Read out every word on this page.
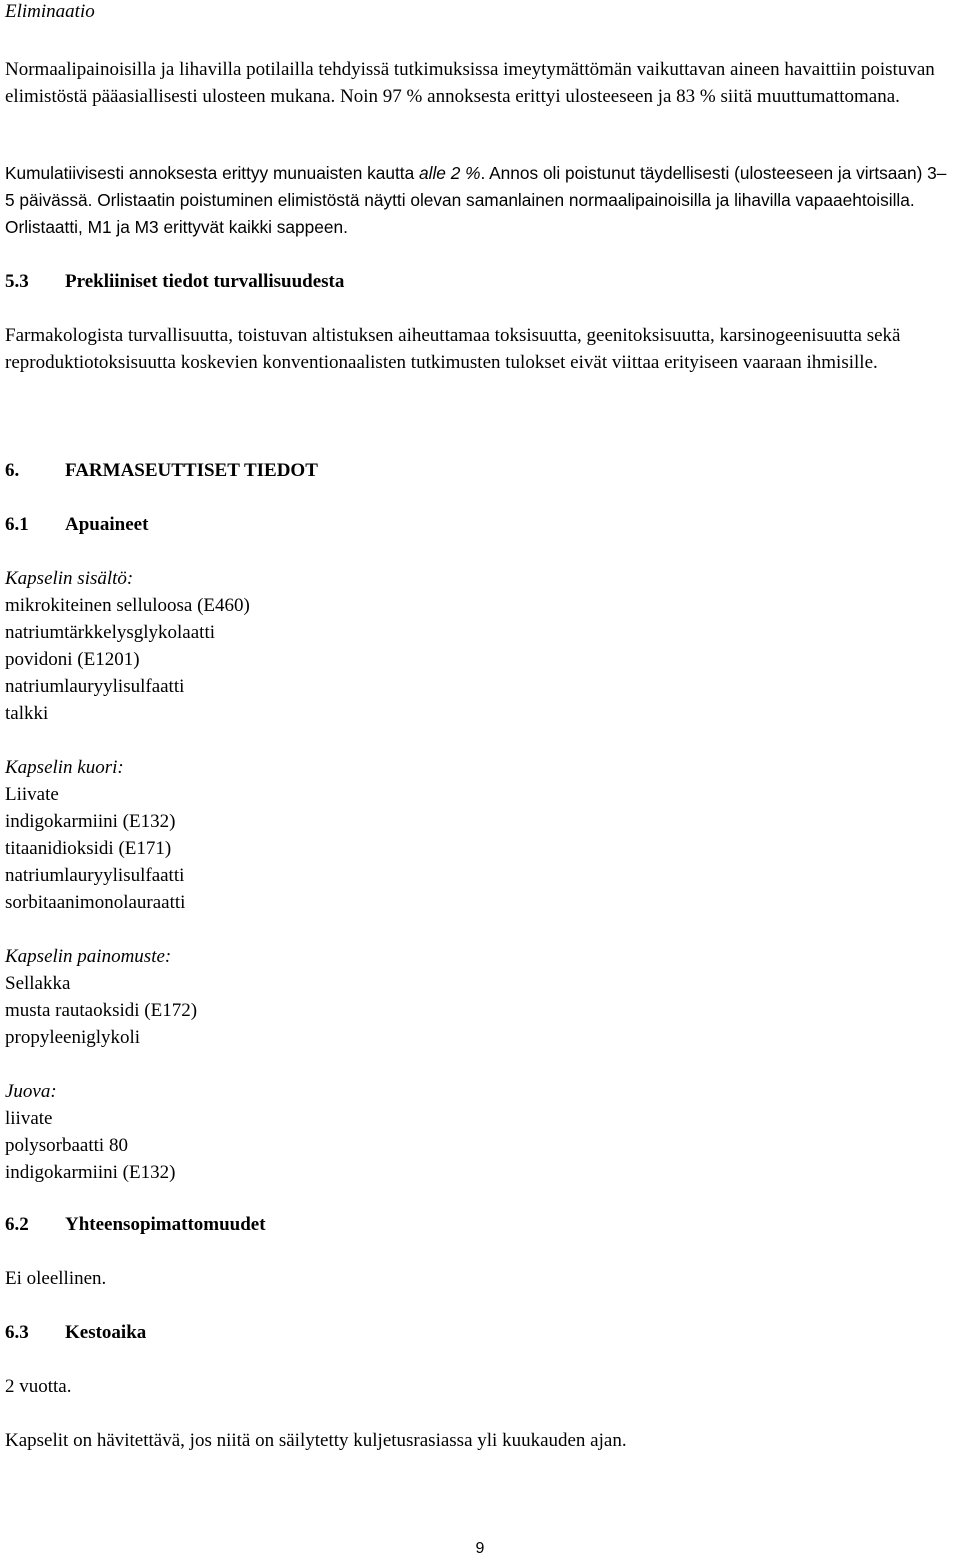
Eliminaatio

Normaalipainoisilla ja lihavilla potilailla tehdyissä tutkimuksissa imeytymättömän vaikuttavan aineen havaittiin poistuvan elimistöstä pääasiallisesti ulosteen mukana. Noin 97 % annoksesta erittyi ulosteeseen ja 83 % siitä muuttumattomana.

Kumulatiivisesti annoksesta erittyy munuaisten kautta alle 2 %. Annos oli poistunut täydellisesti (ulosteeseen ja virtsaan) 3–5 päivässä. Orlistaatin poistuminen elimistöstä näytti olevan samanlainen normaalipainoisilla ja lihavilla vapaaehtoisilla. Orlistaatti, M1 ja M3 erittyvät kaikki sappeen.

5.3 Prekliiniset tiedot turvallisuudesta

Farmakologista turvallisuutta, toistuvan altistuksen aiheuttamaa toksisuutta, geenitoksisuutta, karsinogeenisuutta sekä reproduktiotoksisuutta koskevien konventionaalisten tutkimusten tulokset eivät viittaa erityiseen vaaraan ihmisille.

6. FARMASEUTTISET TIEDOT
6.1 Apuaineet
Kapselin sisältö:
mikrokiteinen selluloosa (E460)
natriumtärkkelysglykolaatti
povidoni (E1201)
natriumlauryylisulfaatti
talkki
Kapselin kuori:
Liivate
indigokarmiini (E132)
titaanidioksidi (E171)
natriumlauryylisulfaatti
sorbitaanimonolauraatti
Kapselin painomuste:
Sellakka
musta rautaoksidi (E172)
propyleeniglykoli
Juova:
liivate
polysorbaatti 80
indigokarmiini (E132)
6.2 Yhteensopimattomuudet

Ei oleellinen.

6.3 Kestoaika

2 vuotta.

Kapselit on hävitettävä, jos niitä on säilytetty kuljetusrasiassa yli kuukauden ajan.

9
